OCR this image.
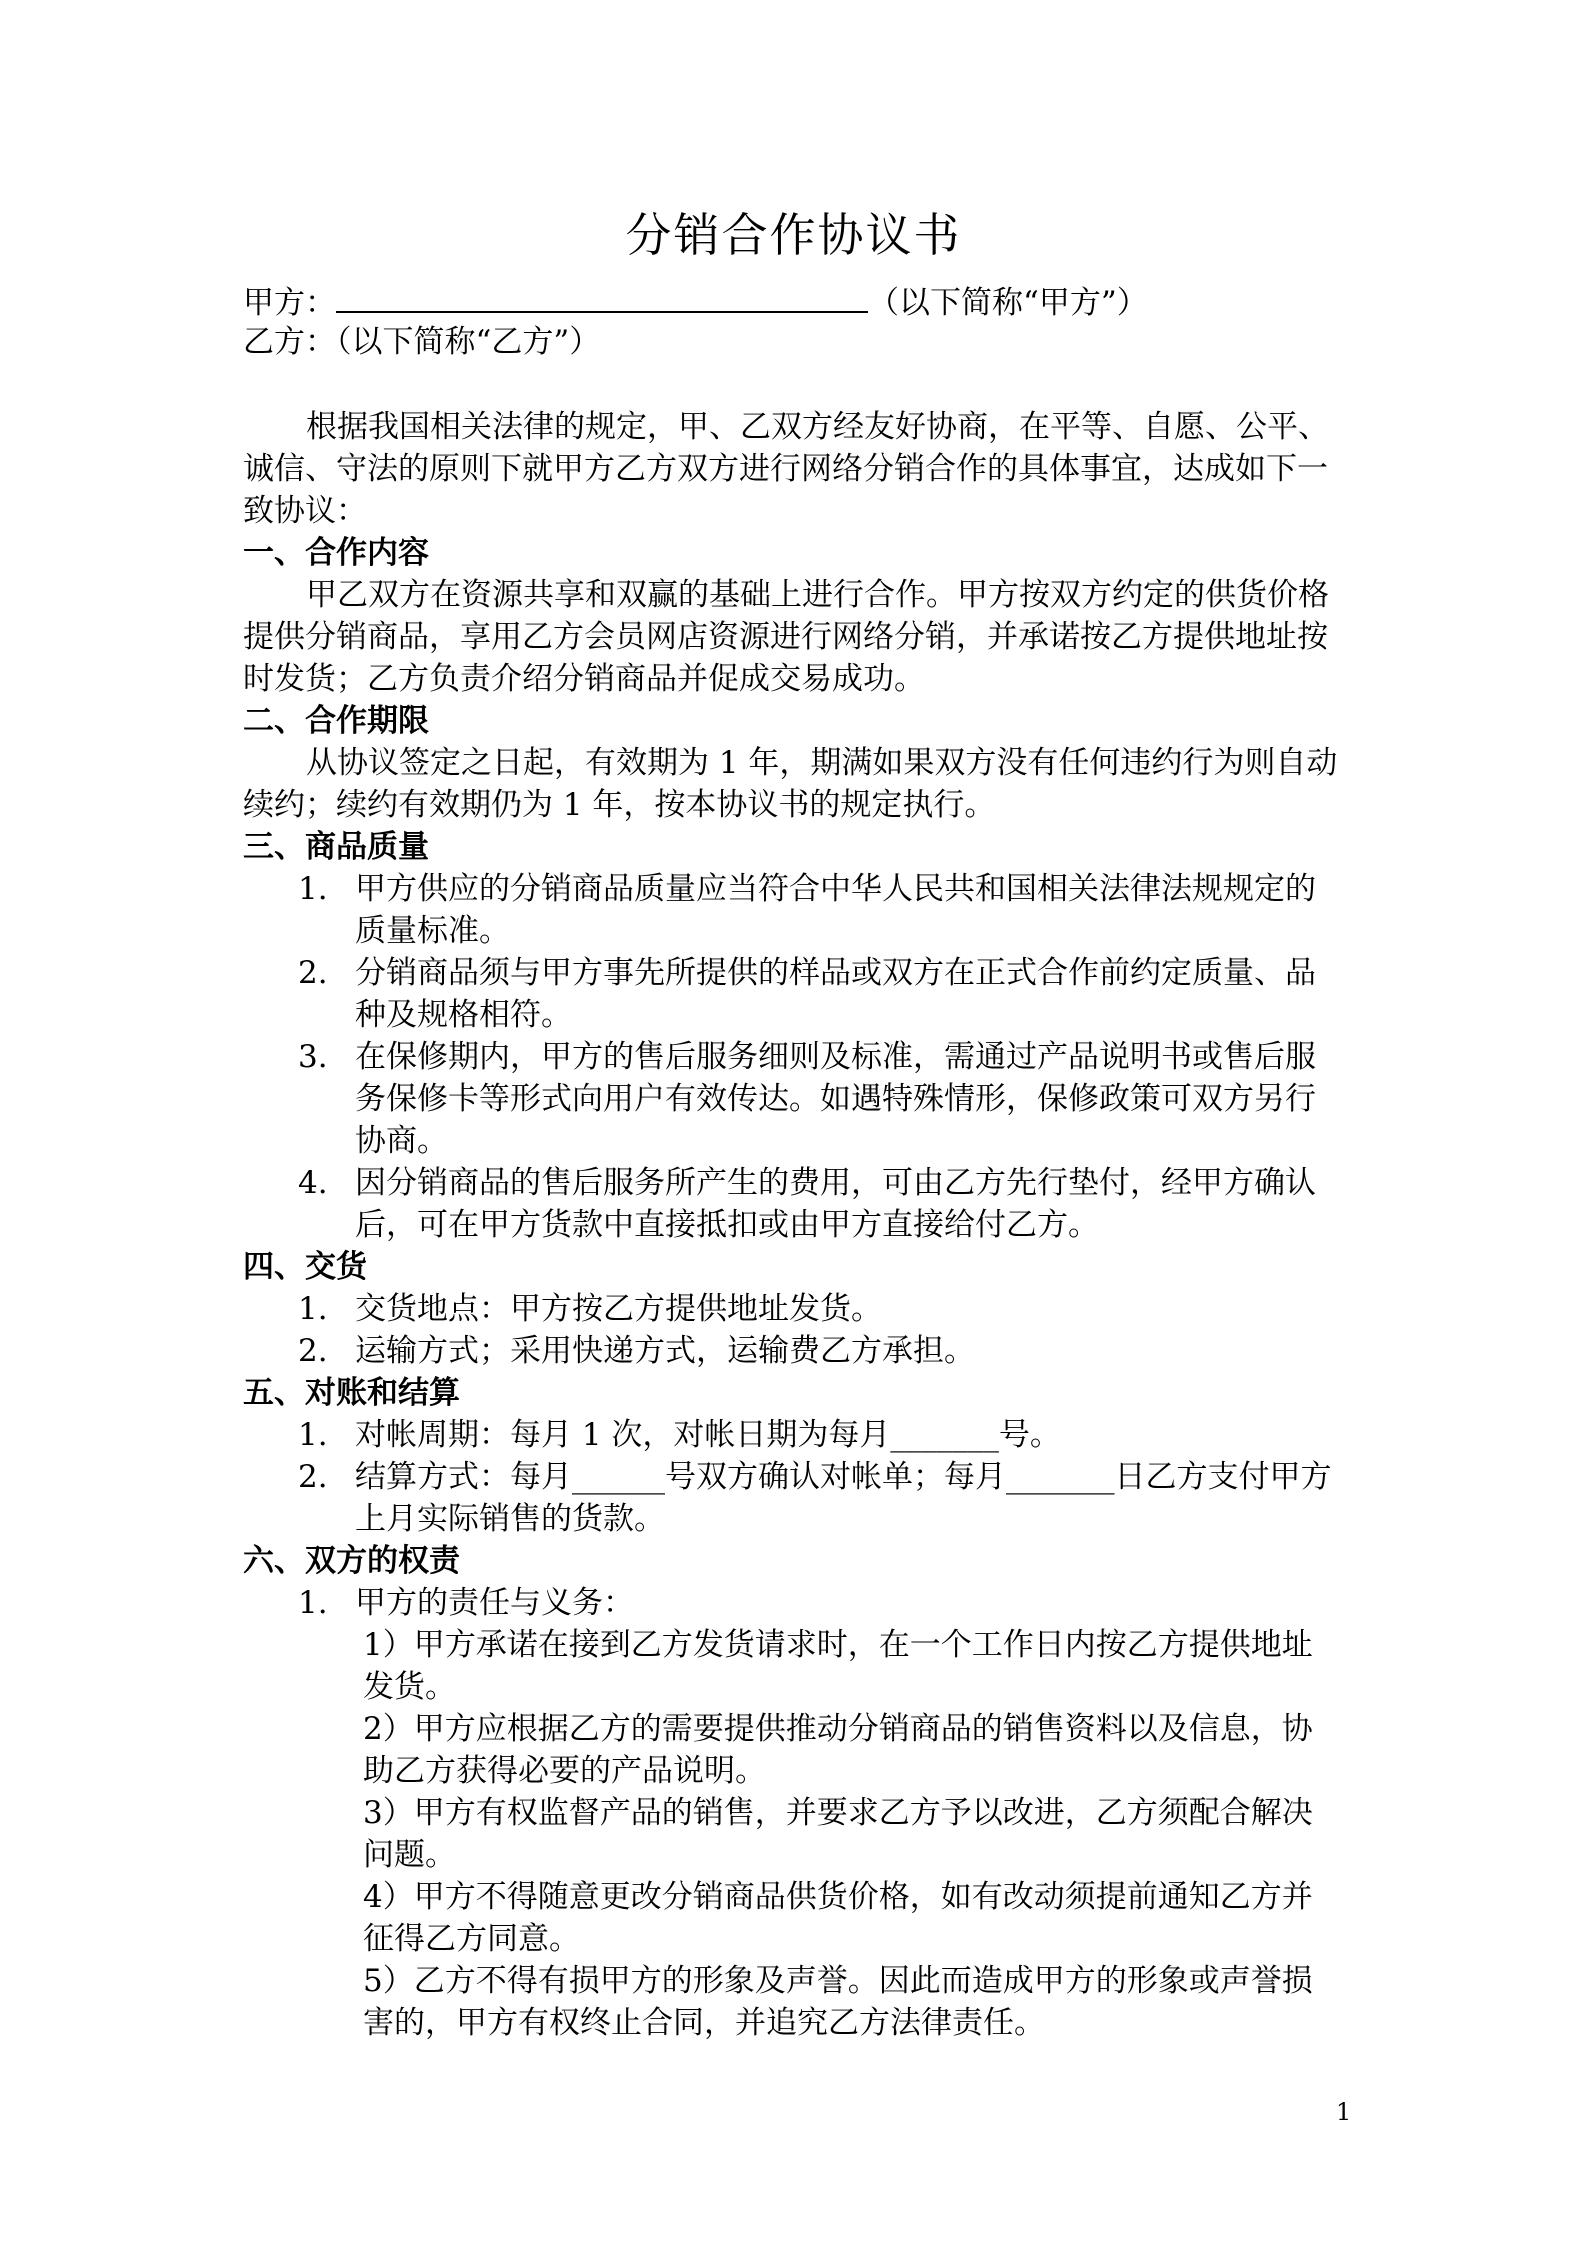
分销合作协议书
甲方：	（以下简称“甲方”）
乙方：（以下简称“乙方”）
根据我国相关法律的规定，甲、乙双方经友好协商，在平等、自愿、公平、
诚信、守法的原则下就甲方乙方双方进行网络分销合作的具体事宜，达成如下一
致协议：
一、合作内容
甲乙双方在资源共享和双赢的基础上进行合作。甲方按双方约定的供货价格
提供分销商品，享用乙方会员网店资源进行网络分销，并承诺按乙方提供地址按
时发货；乙方负责介绍分销商品并促成交易成功。
二、合作期限
从协议签定之日起，有效期为 1 年，期满如果双方没有任何违约行为则自动
续约；续约有效期仍为 1 年，按本协议书的规定执行。
三、商品质量
1. 甲方供应的分销商品质量应当符合中华人民共和国相关法律法规规定的
质量标准。
2. 分销商品须与甲方事先所提供的样品或双方在正式合作前约定质量、品
种及规格相符。
3. 在保修期内，甲方的售后服务细则及标准，需通过产品说明书或售后服
务保修卡等形式向用户有效传达。如遇特殊情形，保修政策可双方另行
协商。
4. 因分销商品的售后服务所产生的费用，可由乙方先行垫付，经甲方确认
后，可在甲方货款中直接抵扣或由甲方直接给付乙方。
四、交货
1. 交货地点：甲方按乙方提供地址发货。
2. 运输方式；采用快递方式，运输费乙方承担。
五、对账和结算
1. 对帐周期：每月 1 次，对帐日期为每月_______号。
2. 结算方式：每月______号双方确认对帐单；每月_______日乙方支付甲方
上月实际销售的货款。
六、双方的权责
1. 甲方的责任与义务：
1）甲方承诺在接到乙方发货请求时，在一个工作日内按乙方提供地址
发货。
2）甲方应根据乙方的需要提供推动分销商品的销售资料以及信息，协
助乙方获得必要的产品说明。
3）甲方有权监督产品的销售，并要求乙方予以改进，乙方须配合解决
问题。
4）甲方不得随意更改分销商品供货价格，如有改动须提前通知乙方并
征得乙方同意。
5）乙方不得有损甲方的形象及声誉。因此而造成甲方的形象或声誉损
害的，甲方有权终止合同，并追究乙方法律责任。
1
